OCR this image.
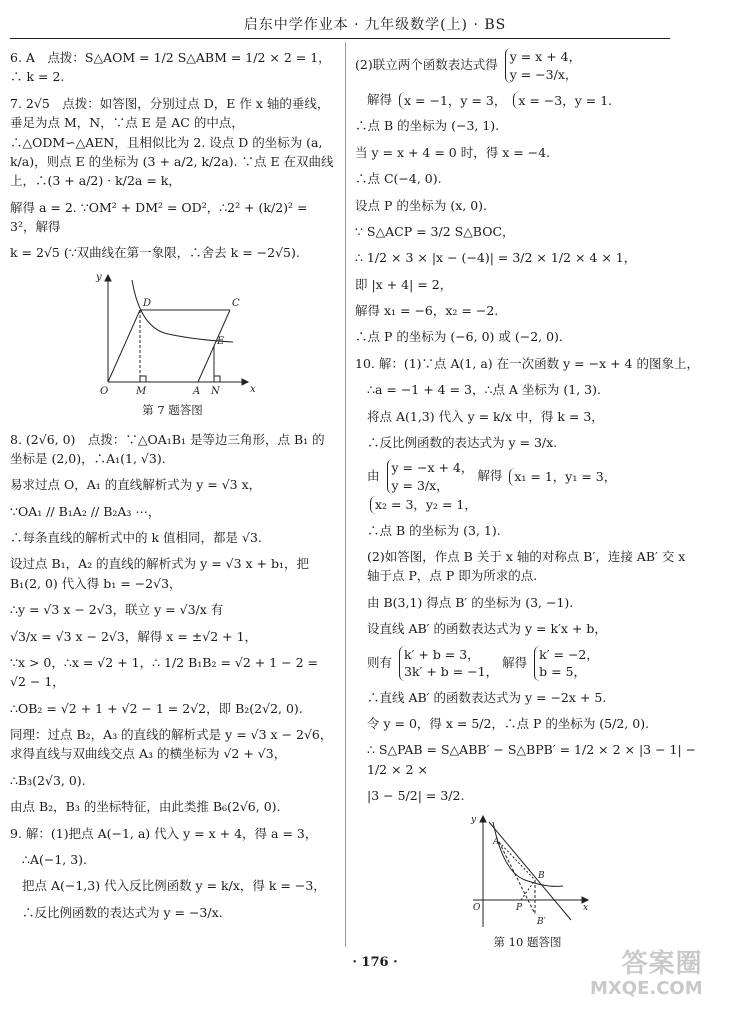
启东中学作业本 · 九年级数学(上) · BS

6. A　点拨：S△AOM = 1/2 S△ABM = 1/2 × 2 = 1，∴ k = 2.

7. 2√5　点拨：如答图，分别过点 D，E 作 x 轴的垂线，垂足为点 M，N，∵点 E 是 AC 的中点，∴△ODM∽△AEN，且相似比为 2. 设点 D 的坐标为 (a, k/a)，则点 E 的坐标为 (3 + a/2, k/2a). ∵点 E 在双曲线上，∴(3 + a/2) · k/2a = k，

解得 a = 2. ∵OM² + DM² = OD²，∴2² + (k/2)² = 3²，解得

k = 2√5 (∵双曲线在第一象限，∴舍去 k = −2√5).

O	M	A N
D	C
E
y
x
第 7 题答图

8. (2√6, 0)　点拨：∵△OA₁B₁ 是等边三角形，点 B₁ 的坐标是 (2,0)，∴A₁(1, √3).

易求过点 O，A₁ 的直线解析式为 y = √3 x，

∵OA₁ // B₁A₂ // B₂A₃ ⋯，

∴每条直线的解析式中的 k 值相同，都是 √3.

设过点 B₁，A₂ 的直线的解析式为 y = √3 x + b₁，把 B₁(2, 0) 代入得 b₁ = −2√3，

∴y = √3 x − 2√3，联立 y = √3/x 有

√3/x = √3 x − 2√3，解得 x = ±√2 + 1，

∵x > 0，∴x = √2 + 1，∴ 1/2 B₁B₂ = √2 + 1 − 2 = √2 − 1，

∴OB₂ = √2 + 1 + √2 − 1 = 2√2，即 B₂(2√2, 0).

同理：过点 B₂，A₃ 的直线的解析式是 y = √3 x − 2√6，求得直线与双曲线交点 A₃ 的横坐标为 √2 + √3，

∴B₃(2√3, 0).

由点 B₂，B₃ 的坐标特征，由此类推 B₆(2√6, 0).

9. 解：(1)把点 A(−1, a) 代入 y = x + 4，得 a = 3，

∴A(−1, 3).

把点 A(−1,3) 代入反比例函数 y = k/x，得 k = −3，

∴反比例函数的表达式为 y = −3/x.

(2)联立两个函数表达式得 y = x + 4，
y = −3/x，
解得 x = −1，y = 3， x = −3，y = 1.

∴点 B 的坐标为 (−3, 1).

当 y = x + 4 = 0 时，得 x = −4.

∴点 C(−4, 0).

设点 P 的坐标为 (x, 0).

∵ S△ACP = 3/2 S△BOC，

∴ 1/2 × 3 × |x − (−4)| = 3/2 × 1/2 × 4 × 1，

即 |x + 4| = 2，

解得 x₁ = −6，x₂ = −2.

∴点 P 的坐标为 (−6, 0) 或 (−2, 0).

10. 解：(1)∵点 A(1, a) 在一次函数 y = −x + 4 的图象上，

∴a = −1 + 4 = 3，∴点 A 坐标为 (1, 3).

将点 A(1,3) 代入 y = k/x 中，得 k = 3，

∴反比例函数的表达式为 y = 3/x.

由 y = −x + 4，
y = 3/x， 解得 x₁ = 1，y₁ = 3， x₂ = 3，y₂ = 1，

∴点 B 的坐标为 (3, 1).

(2)如答图，作点 B 关于 x 轴的对称点 B′，连接 AB′ 交 x 轴于点 P，点 P 即为所求的点.

由 B(3,1) 得点 B′ 的坐标为 (3, −1).

设直线 AB′ 的函数表达式为 y = k′x + b，

则有 k′ + b = 3，
3k′ + b = −1， 解得 k′ = −2，
b = 5，

∴直线 AB′ 的函数表达式为 y = −2x + 5.

令 y = 0，得 x = 5/2，∴点 P 的坐标为 (5/2, 0).

∴ S△PAB = S△ABB′ − S△BPB′ = 1/2 × 2 × |3 − 1| − 1/2 × 2 ×

|3 − 5/2| = 3/2.

O
A
B
P
B′
y
x
第 10 题答图
· 176 ·	答案圈
MXQE.COM
